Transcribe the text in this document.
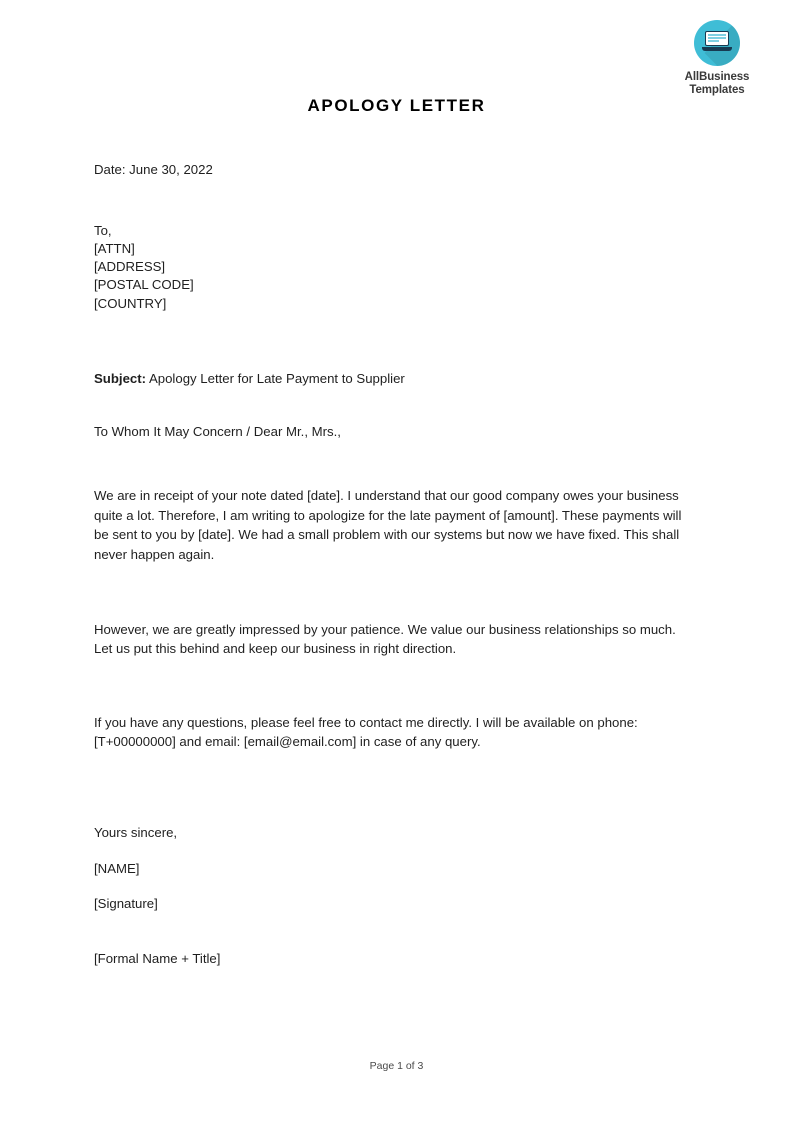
AllBusiness
Templates
APOLOGY LETTER

Date: June 30, 2022

To,

[ATTN]

[ADDRESS]

[POSTAL CODE]

[COUNTRY]

Subject: Apology Letter for Late Payment to Supplier

To Whom It May Concern / Dear Mr., Mrs.,

We are in receipt of your note dated [date]. I understand that our good company owes your business quite a lot. Therefore, I am writing to apologize for the late payment of [amount]. These payments will be sent to you by [date]. We had a small problem with our systems but now we have fixed. This shall never happen again.

However, we are greatly impressed by your patience. We value our business relationships so much. Let us put this behind and keep our business in right direction.

If you have any questions, please feel free to contact me directly. I will be available on phone: [T+00000000] and email: [email@email.com] in case of any query.

Yours sincere,

[NAME]

[Signature]

[Formal Name + Title]

Page 1 of 3
